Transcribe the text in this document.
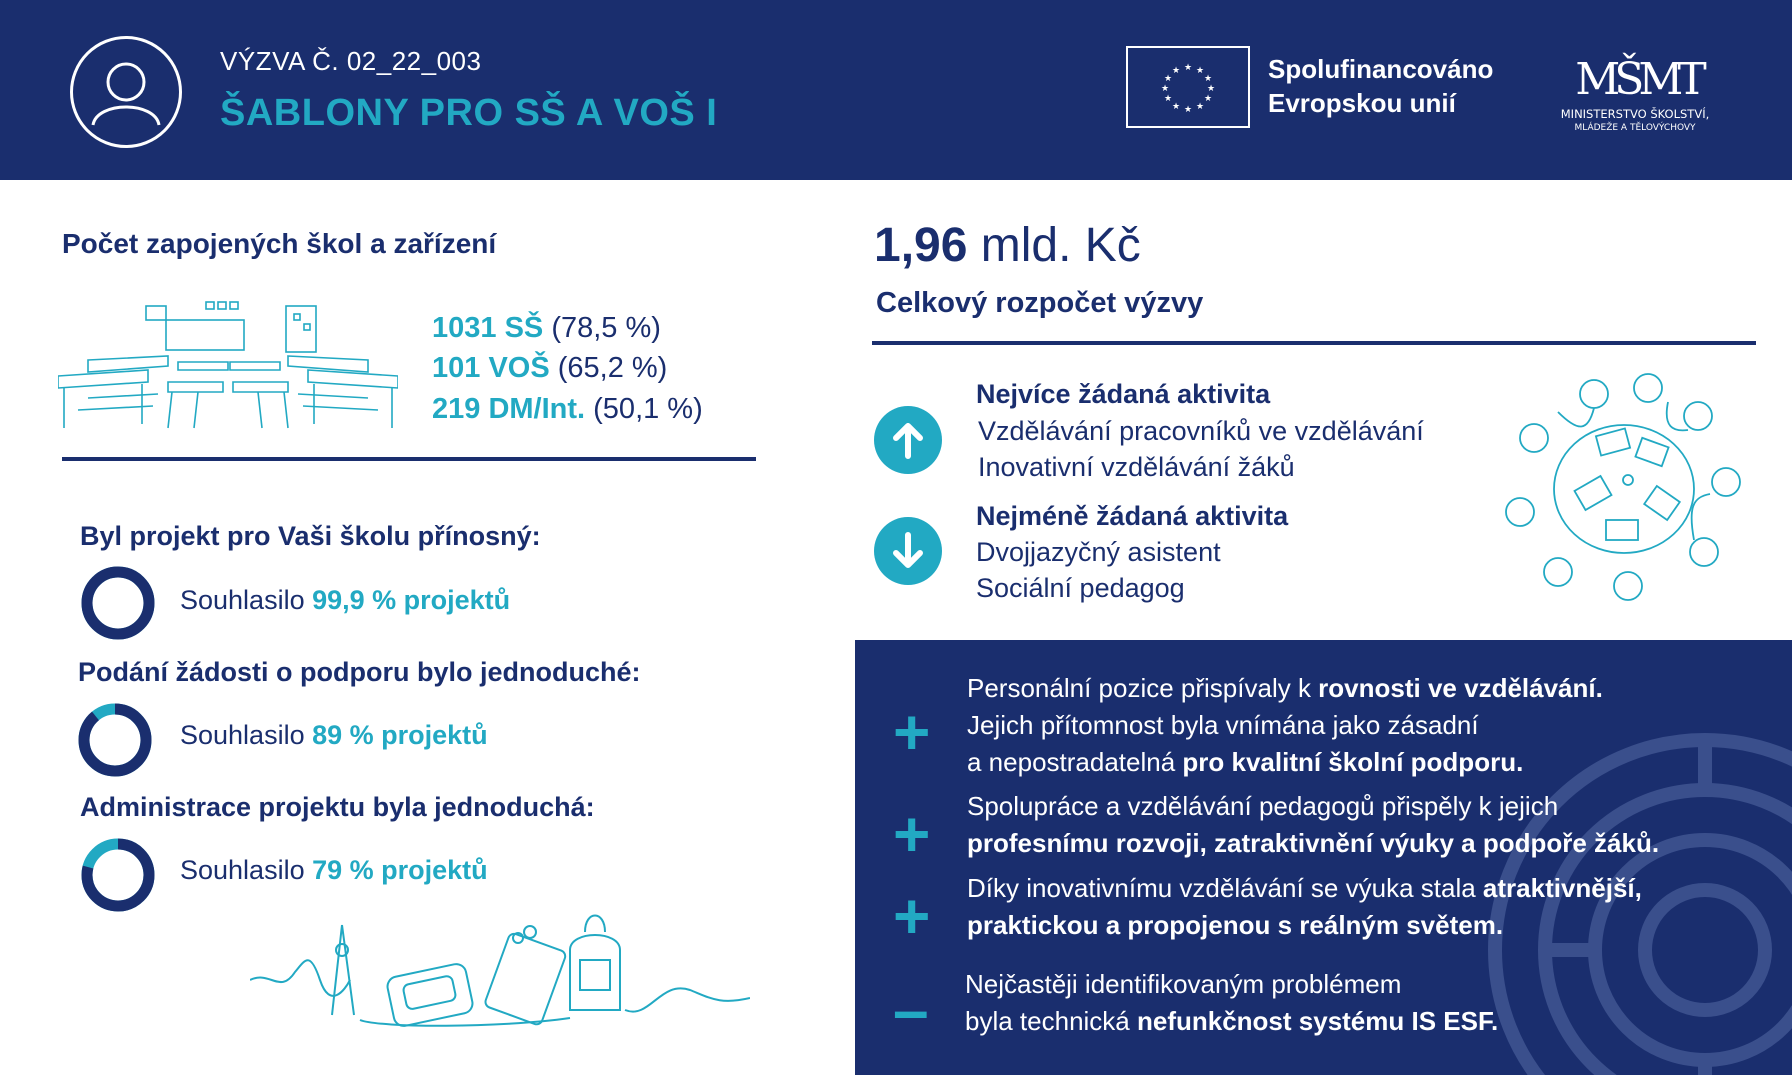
VÝZVA Č. 02_22_003
ŠABLONY PRO SŠ A VOŠ I
★ ★
★
★
★
★
★
★
★
★
★
★	Spolufinancováno
Evropskou unií	MŠMT
MINISTERSTVO ŠKOLSTVÍ,
MLÁDEŽE A TĚLOVÝCHOVY
Počet zapojených škol a zařízení
1031 SŠ (78,5 %)
101 VOŠ (65,2 %)
219 DM/Int. (50,1 %)
Byl projekt pro Vaši školu přínosný:
Souhlasilo 99,9 % projektů
Podání žádosti o podporu bylo jednoduché:
Souhlasilo 89 % projektů
Administrace projektu byla jednoduchá:
Souhlasilo 79 % projektů
1,96 mld. Kč
Celkový rozpočet výzvy
Nejvíce žádaná aktivita
Vzdělávání pracovníků ve vzdělávání
Inovativní vzdělávání žáků
Nejméně žádaná aktivita
Dvojjazyčný asistent
Sociální pedagog
+
+
+
–
Personální pozice přispívaly k rovnosti ve vzdělávání.
Jejich přítomnost byla vnímána jako zásadní
a nepostradatelná pro kvalitní školní podporu.
Spolupráce a vzdělávání pedagogů přispěly k jejich
profesnímu rozvoji, zatraktivnění výuky a podpoře žáků.
Díky inovativnímu vzdělávání se výuka stala atraktivnější,
praktickou a propojenou s reálným světem.
Nejčastěji identifikovaným problémem
byla technická nefunkčnost systému IS ESF.
